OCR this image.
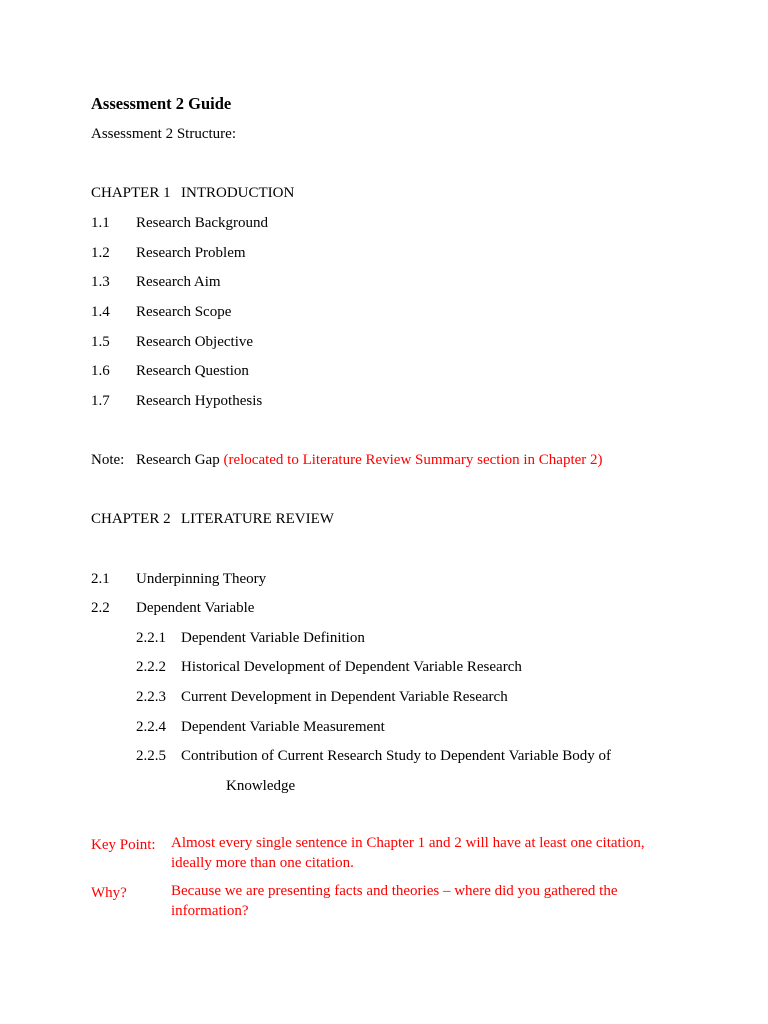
Assessment 2 Guide
Assessment 2 Structure:
CHAPTER 1 INTRODUCTION
1.1 Research Background
1.2 Research Problem
1.3 Research Aim
1.4 Research Scope
1.5 Research Objective
1.6 Research Question
1.7 Research Hypothesis
Note: Research Gap (relocated to Literature Review Summary section in Chapter 2)
CHAPTER 2 LITERATURE REVIEW
2.1 Underpinning Theory
2.2 Dependent Variable
2.2.1 Dependent Variable Definition
2.2.2 Historical Development of Dependent Variable Research
2.2.3 Current Development in Dependent Variable Research
2.2.4 Dependent Variable Measurement
2.2.5 Contribution of Current Research Study to Dependent Variable Body of
Knowledge
Key Point: Almost every single sentence in Chapter 1 and 2 will have at least one citation, ideally more than one citation.
Why?	Because we are presenting facts and theories – where did you gathered the information?
